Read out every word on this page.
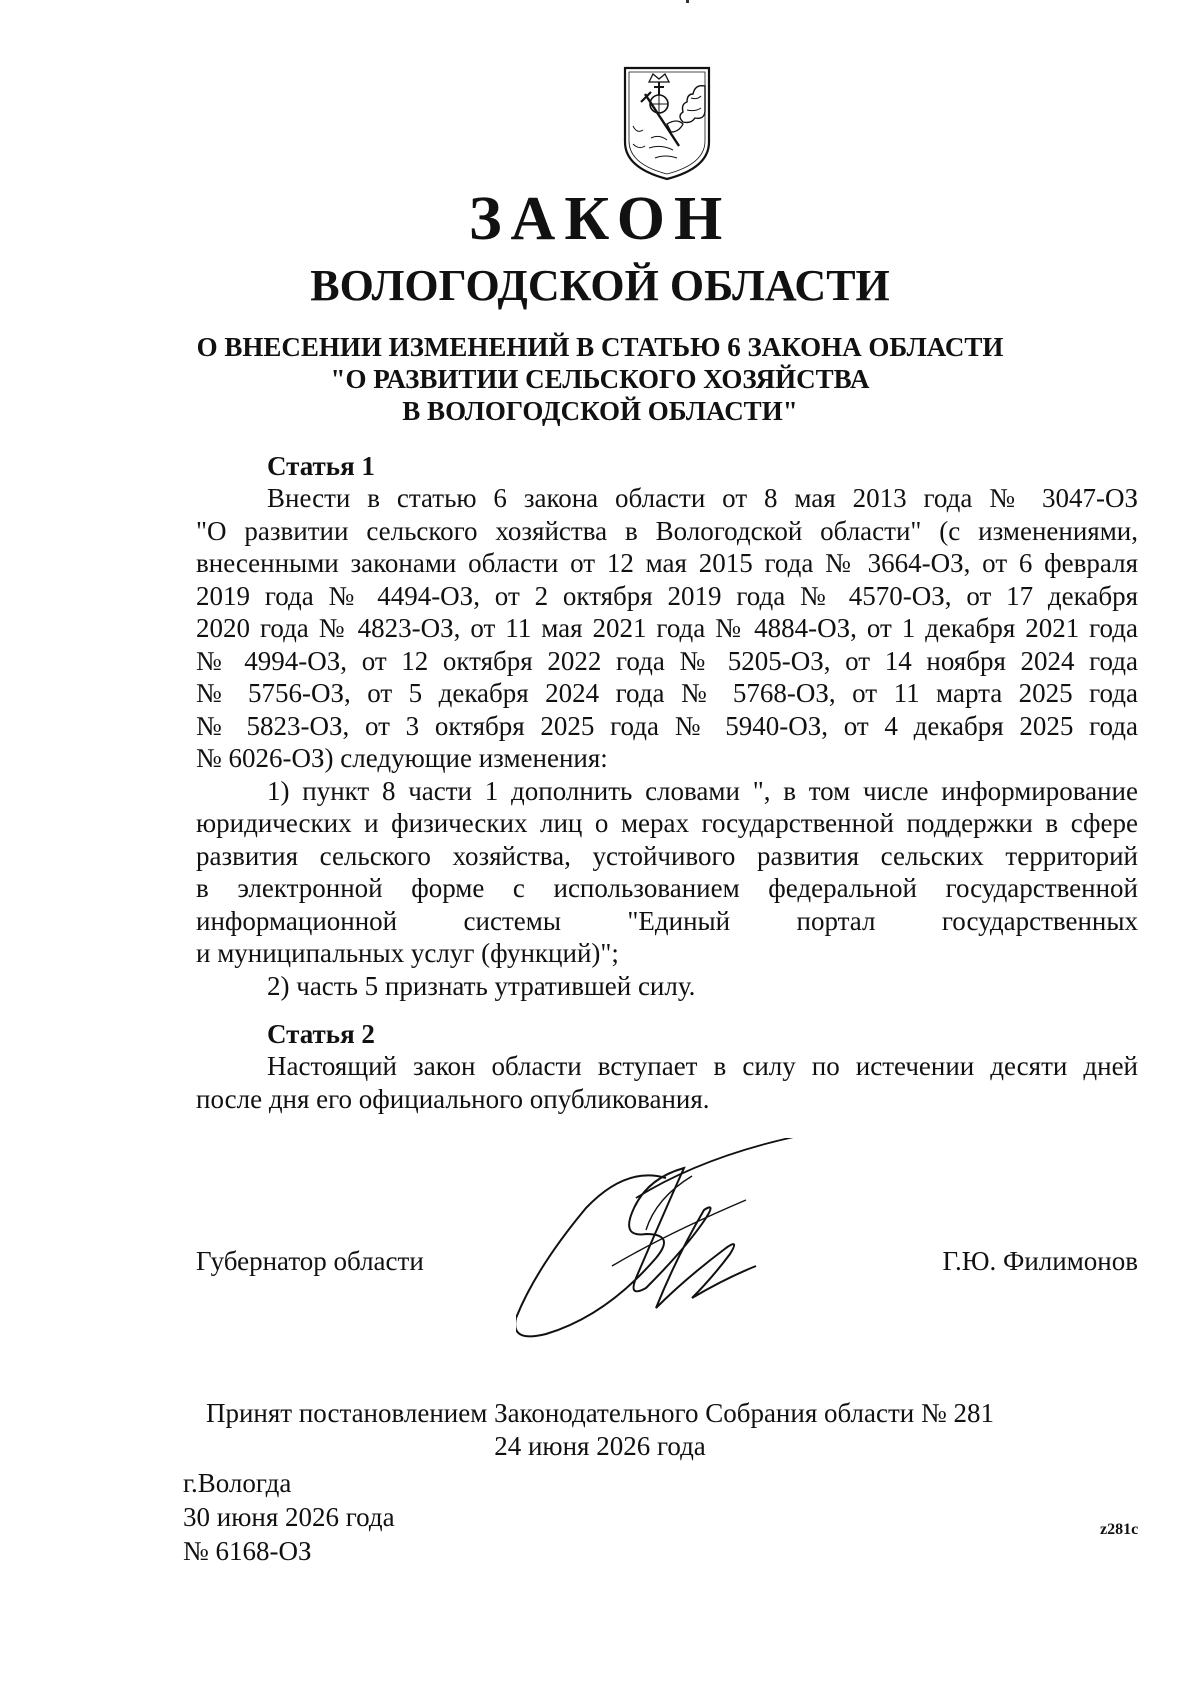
ЗАКОН
ВОЛОГОДСКОЙ ОБЛАСТИ
О ВНЕСЕНИИ ИЗМЕНЕНИЙ В СТАТЬЮ 6 ЗАКОНА ОБЛАСТИ
"О РАЗВИТИИ СЕЛЬСКОГО ХОЗЯЙСТВА
В ВОЛОГОДСКОЙ ОБЛАСТИ"
Статья 1
Внести в статью 6 закона области от 8 мая 2013 года № 3047-ОЗ
"О развитии сельского хозяйства в Вологодской области" (с изменениями,
внесенными законами области от 12 мая 2015 года № 3664-ОЗ, от 6 февраля
2019 года № 4494-ОЗ, от 2 октября 2019 года № 4570-ОЗ, от 17 декабря
2020 года № 4823-ОЗ, от 11 мая 2021 года № 4884-ОЗ, от 1 декабря 2021 года
№ 4994-ОЗ, от 12 октября 2022 года № 5205-ОЗ, от 14 ноября 2024 года
№ 5756-ОЗ, от 5 декабря 2024 года № 5768-ОЗ, от 11 марта 2025 года
№ 5823-ОЗ, от 3 октября 2025 года № 5940-ОЗ, от 4 декабря 2025 года
№ 6026-ОЗ) следующие изменения:
1) пункт 8 части 1 дополнить словами ", в том числе информирование
юридических и физических лиц о мерах государственной поддержки в сфере
развития сельского хозяйства, устойчивого развития сельских территорий
в электронной форме с использованием федеральной государственной
информационной системы "Единый портал государственных
и муниципальных услуг (функций)";
2) часть 5 признать утратившей силу.
Статья 2
Настоящий закон области вступает в силу по истечении десяти дней
после дня его официального опубликования.
Губернатор области	Г.Ю. Филимонов
Принят постановлением Законодательного Собрания области № 281
24 июня 2026 года
г.Вологда
30 июня 2026 года
№ 6168-ОЗ
z281c
